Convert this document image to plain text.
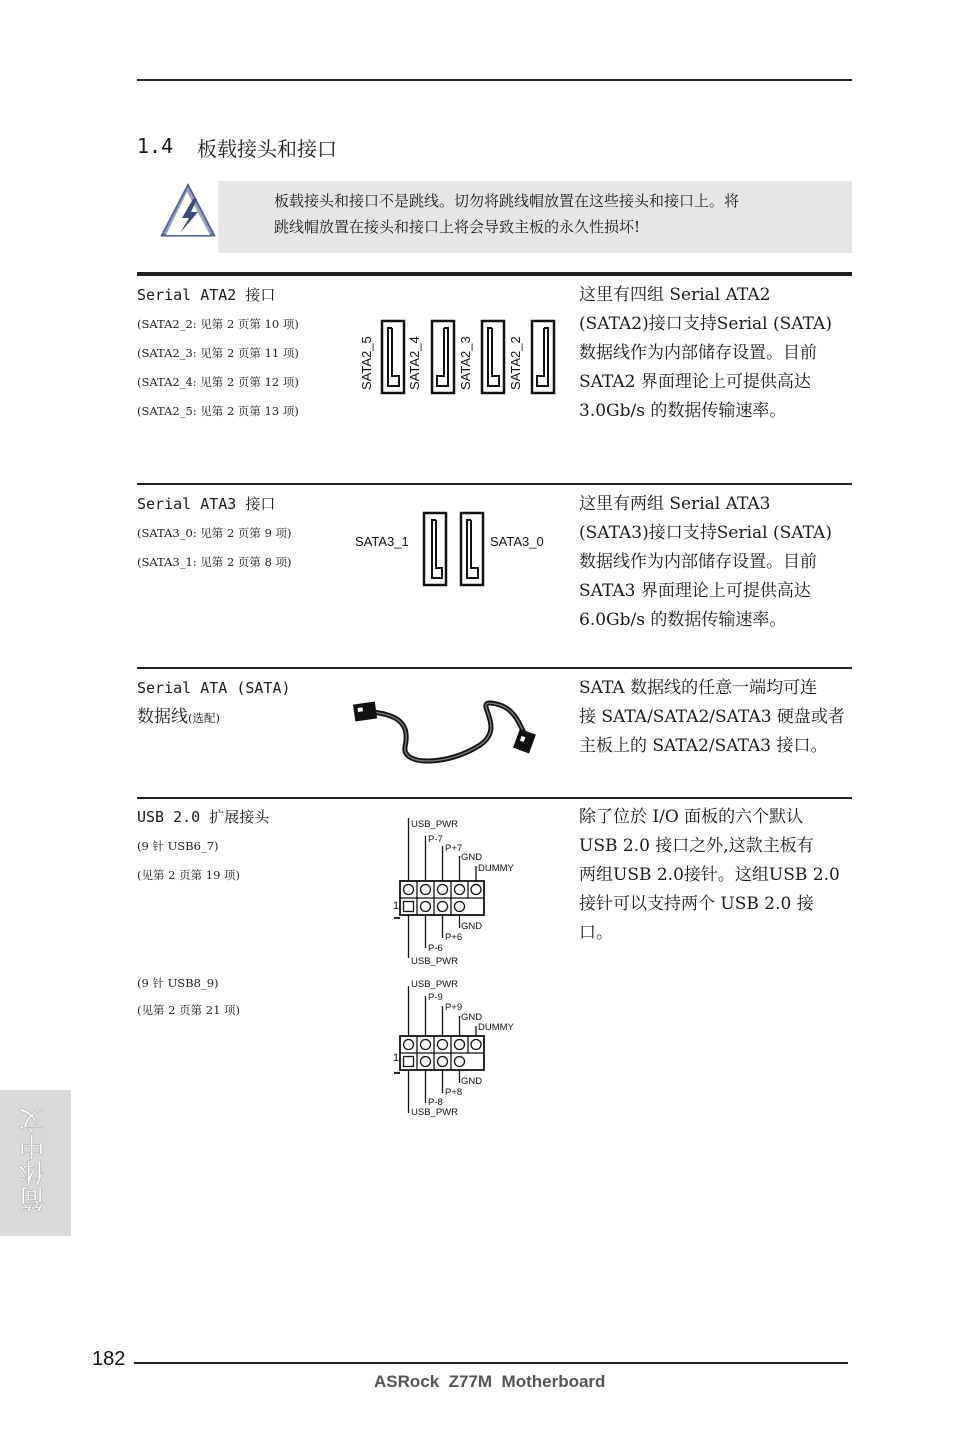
1.4 板载接头和接口
板载接头和接口不是跳线。切勿将跳线帽放置在这些接头和接口上。将
跳线帽放置在接头和接口上将会导致主板的永久性损坏!
Serial ATA2 接口
(SATA2_2: 见第 2 页第 10 项)
(SATA2_3: 见第 2 页第 11 项)
(SATA2_4: 见第 2 页第 12 项)
(SATA2_5: 见第 2 页第 13 项)
SATA2_5	SATA2_4	SATA2_3	SATA2_2
这里有四组 Serial ATA2
(SATA2)接口支持Serial (SATA)
数据线作为内部储存设置。目前
SATA2 界面理论上可提供高达
3.0Gb/s 的数据传输速率。
Serial ATA3 接口
(SATA3_0: 见第 2 页第 9 项)
(SATA3_1: 见第 2 页第 8 项)
SATA3_1	SATA3_0
这里有两组 Serial ATA3
(SATA3)接口支持Serial (SATA)
数据线作为内部储存设置。目前
SATA3 界面理论上可提供高达
6.0Gb/s 的数据传输速率。
Serial ATA (SATA)
数据线(选配)
SATA 数据线的任意一端均可连
接 SATA/SATA2/SATA3 硬盘或者
主板上的 SATA2/SATA3 接口。
USB 2.0 扩展接头
(9 针 USB6_7)
(见第 2 页第 19 项)
(9 针 USB8_9)
(见第 2 页第 21 项)
USB_PWR
P-7
P+7
GND
DUMMY
GND
P+6
P-6
USB_PWR
1
USB_PWR
P-9
P+9
GND
DUMMY
GND
P+8
P-8
USB_PWR
1
除了位於 I/O 面板的六个默认
USB 2.0 接口之外,这款主板有
两组USB 2.0接针。这组USB 2.0
接针可以支持两个 USB 2.0 接
口。
简体中文
182
ASRock  Z77M  Motherboard
